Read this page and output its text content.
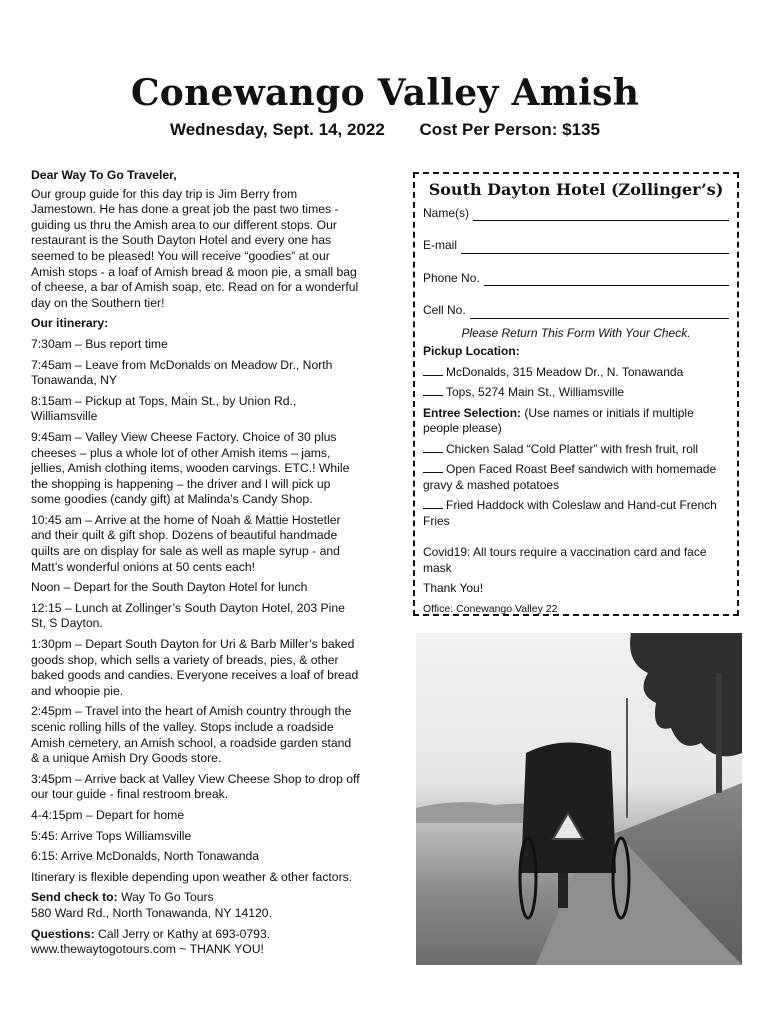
Conewango Valley Amish
Wednesday, Sept. 14, 2022 Cost Per Person: $135

Dear Way To Go Traveler,

Our group guide for this day trip is Jim Berry from Jamestown. He has done a great job the past two times - guiding us thru the Amish area to our different stops. Our restaurant is the South Dayton Hotel and every one has seemed to be pleased! You will receive “goodies” at our Amish stops - a loaf of Amish bread & moon pie, a small bag of cheese, a bar of Amish soap, etc. Read on for a wonderful day on the Southern tier!

Our itinerary:

7:30am – Bus report time

7:45am – Leave from McDonalds on Meadow Dr., North Tonawanda, NY

8:15am – Pickup at Tops, Main St., by Union Rd., Williamsville

9:45am – Valley View Cheese Factory. Choice of 30 plus cheeses – plus a whole lot of other Amish items – jams, jellies, Amish clothing items, wooden carvings. ETC.! While the shopping is happening – the driver and I will pick up some goodies (candy gift) at Malinda’s Candy Shop.

10:45 am – Arrive at the home of Noah & Mattie Hostetler and their quilt & gift shop. Dozens of beautiful handmade quilts are on display for sale as well as maple syrup - and Matt’s wonderful onions at 50 cents each!

Noon – Depart for the South Dayton Hotel for lunch

12:15 – Lunch at Zollinger’s South Dayton Hotel, 203 Pine St, S Dayton.

1:30pm – Depart South Dayton for Uri & Barb Miller’s baked goods shop, which sells a variety of breads, pies, & other baked goods and candies. Everyone receives a loaf of bread and whoopie pie.

2:45pm – Travel into the heart of Amish country through the scenic rolling hills of the valley. Stops include a roadside Amish cemetery, an Amish school, a roadside garden stand & a unique Amish Dry Goods store.

3:45pm – Arrive back at Valley View Cheese Shop to drop off our tour guide - final restroom break.

4-4:15pm – Depart for home

5:45: Arrive Tops Williamsville

6:15: Arrive McDonalds, North Tonawanda

Itinerary is flexible depending upon weather & other factors.

Send check to: Way To Go Tours
580 Ward Rd., North Tonawanda, NY 14120.

Questions: Call Jerry or Kathy at 693-0793.
www.thewaytogotours.com ~ THANK YOU!

South Dayton Hotel (Zollinger’s)
Name(s)
E-mail
Phone No.
Cell No.

Please Return This Form With Your Check.

Pickup Location:

McDonalds, 315 Meadow Dr., N. Tonawanda

Tops, 5274 Main St., Williamsville

Entree Selection: (Use names or initials if multiple people please)

Chicken Salad “Cold Platter” with fresh fruit, roll

Open Faced Roast Beef sandwich with homemade gravy & mashed potatoes

Fried Haddock with Coleslaw and Hand-cut French Fries

Covid19: All tours require a vaccination card and face mask

Thank You!

Office: Conewango Valley 22
